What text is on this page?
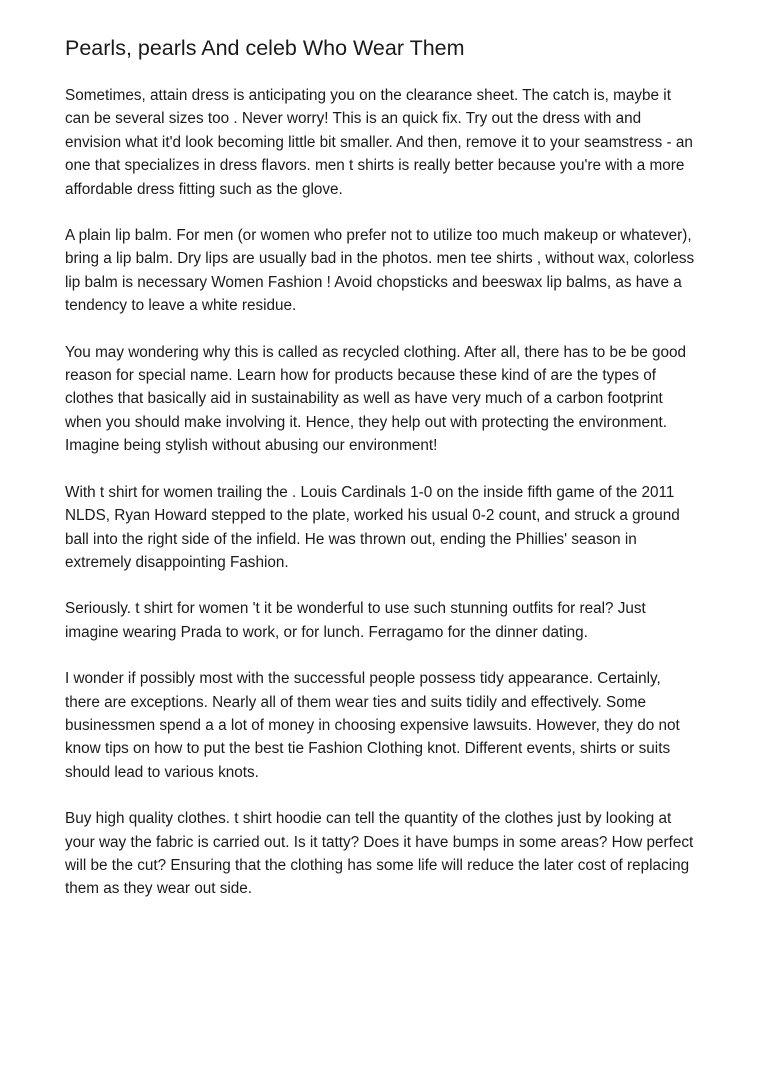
Pearls, pearls And celeb Who Wear Them
Sometimes, attain dress is anticipating you on the clearance sheet. The catch is, maybe it
can be several sizes too . Never worry! This is an quick fix. Try out the dress with and
envision what it'd look becoming little bit smaller. And then, remove it to your seamstress - an
one that specializes in dress flavors. men t shirts is really better because you're with a more
affordable dress fitting such as the glove.
A plain lip balm. For men (or women who prefer not to utilize too much makeup or whatever),
bring a lip balm. Dry lips are usually bad in the photos. men tee shirts , without wax, colorless
lip balm is necessary Women Fashion ! Avoid chopsticks and beeswax lip balms, as have a
tendency to leave a white residue.
You may wondering why this is called as recycled clothing. After all, there has to be be good
reason for special name. Learn how for products because these kind of are the types of
clothes that basically aid in sustainability as well as have very much of a carbon footprint
when you should make involving it. Hence, they help out with protecting the environment.
Imagine being stylish without abusing our environment!
With t shirt for women trailing the . Louis Cardinals 1-0 on the inside fifth game of the 2011
NLDS, Ryan Howard stepped to the plate, worked his usual 0-2 count, and struck a ground
ball into the right side of the infield. He was thrown out, ending the Phillies' season in
extremely disappointing Fashion.
Seriously. t shirt for women 't it be wonderful to use such stunning outfits for real? Just
imagine wearing Prada to work, or for lunch. Ferragamo for the dinner dating.
I wonder if possibly most with the successful people possess tidy appearance. Certainly,
there are exceptions. Nearly all of them wear ties and suits tidily and effectively. Some
businessmen spend a a lot of money in choosing expensive lawsuits. However, they do not
know tips on how to put the best tie Fashion Clothing knot. Different events, shirts or suits
should lead to various knots.
Buy high quality clothes. t shirt hoodie can tell the quantity of the clothes just by looking at
your way the fabric is carried out. Is it tatty? Does it have bumps in some areas? How perfect
will be the cut? Ensuring that the clothing has some life will reduce the later cost of replacing
them as they wear out side.
